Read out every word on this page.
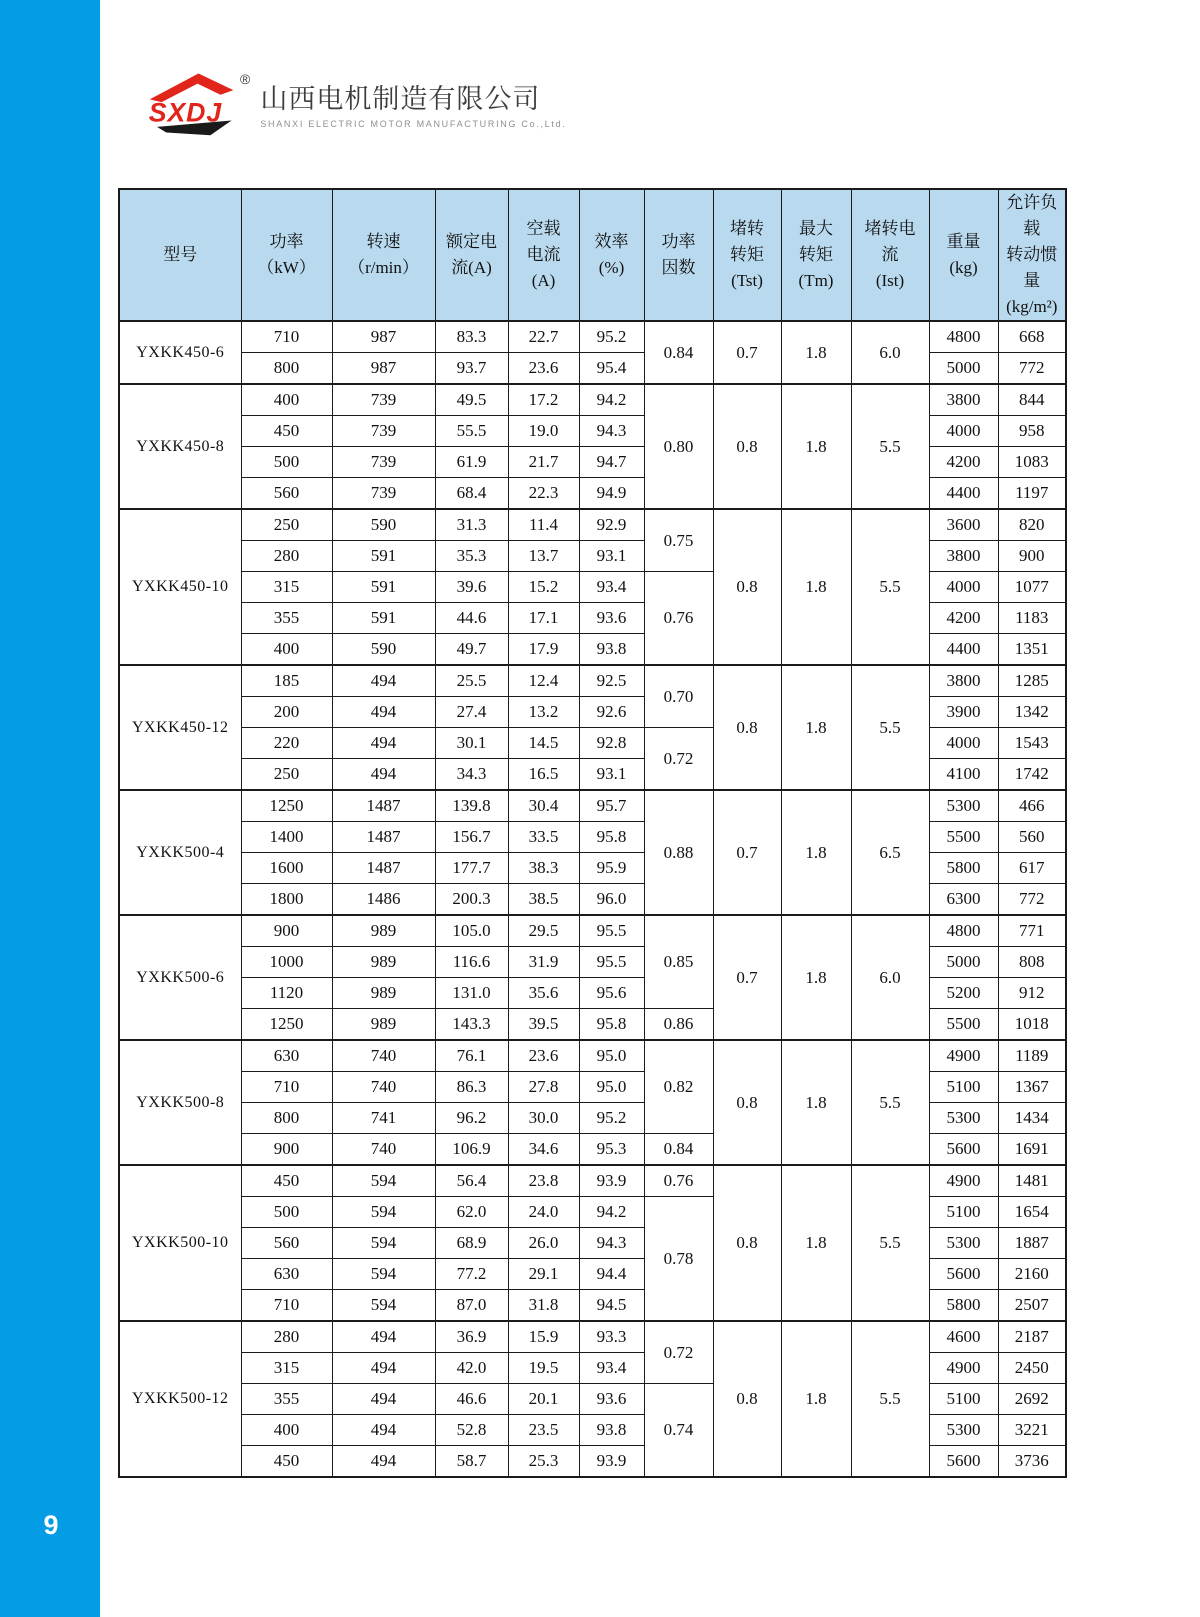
9
SXDJ
®
山西电机制造有限公司
SHANXI ELECTRIC MOTOR MANUFACTURING Co.,Ltd.
型号

功率
（kW）

转速
（r/min）

额定电
流(A)

空载
电流
(A)

效率
(%)

功率
因数

堵转
转矩
(Tst)

最大
转矩
(Tm)

堵转电
流
(Ist)

重量
(kg)

允许负载
转动惯量
(kg/m²)

YXKK450-6	710	987	83.3	22.7	95.2	0.84	0.7	1.8	6.0	4800	668
	800	987	93.7	23.6	95.4					5000	772
YXKK450-8	400	739	49.5	17.2	94.2	0.80	0.8	1.8	5.5	3800	844
	450	739	55.5	19.0	94.3					4000	958
	500	739	61.9	21.7	94.7					4200	1083
	560	739	68.4	22.3	94.9					4400	1197
YXKK450-10	250	590	31.3	11.4	92.9	0.75	0.8	1.8	5.5	3600	820
	280	591	35.3	13.7	93.1					3800	900
	315	591	39.6	15.2	93.4	0.76				4000	1077
	355	591	44.6	17.1	93.6					4200	1183
	400	590	49.7	17.9	93.8					4400	1351
YXKK450-12	185	494	25.5	12.4	92.5	0.70	0.8	1.8	5.5	3800	1285
	200	494	27.4	13.2	92.6					3900	1342
	220	494	30.1	14.5	92.8	0.72				4000	1543
	250	494	34.3	16.5	93.1					4100	1742
YXKK500-4	1250	1487	139.8	30.4	95.7	0.88	0.7	1.8	6.5	5300	466
	1400	1487	156.7	33.5	95.8					5500	560
	1600	1487	177.7	38.3	95.9					5800	617
	1800	1486	200.3	38.5	96.0					6300	772
YXKK500-6	900	989	105.0	29.5	95.5	0.85	0.7	1.8	6.0	4800	771
	1000	989	116.6	31.9	95.5					5000	808
	1120	989	131.0	35.6	95.6					5200	912
	1250	989	143.3	39.5	95.8	0.86				5500	1018
YXKK500-8	630	740	76.1	23.6	95.0	0.82	0.8	1.8	5.5	4900	1189
	710	740	86.3	27.8	95.0					5100	1367
	800	741	96.2	30.0	95.2					5300	1434
	900	740	106.9	34.6	95.3	0.84				5600	1691
YXKK500-10	450	594	56.4	23.8	93.9	0.76	0.8	1.8	5.5	4900	1481
	500	594	62.0	24.0	94.2	0.78				5100	1654
	560	594	68.9	26.0	94.3					5300	1887
	630	594	77.2	29.1	94.4					5600	2160
	710	594	87.0	31.8	94.5					5800	2507
YXKK500-12	280	494	36.9	15.9	93.3	0.72	0.8	1.8	5.5	4600	2187
	315	494	42.0	19.5	93.4					4900	2450
	355	494	46.6	20.1	93.6	0.74				5100	2692
	400	494	52.8	23.5	93.8					5300	3221
	450	494	58.7	25.3	93.9					5600	3736
